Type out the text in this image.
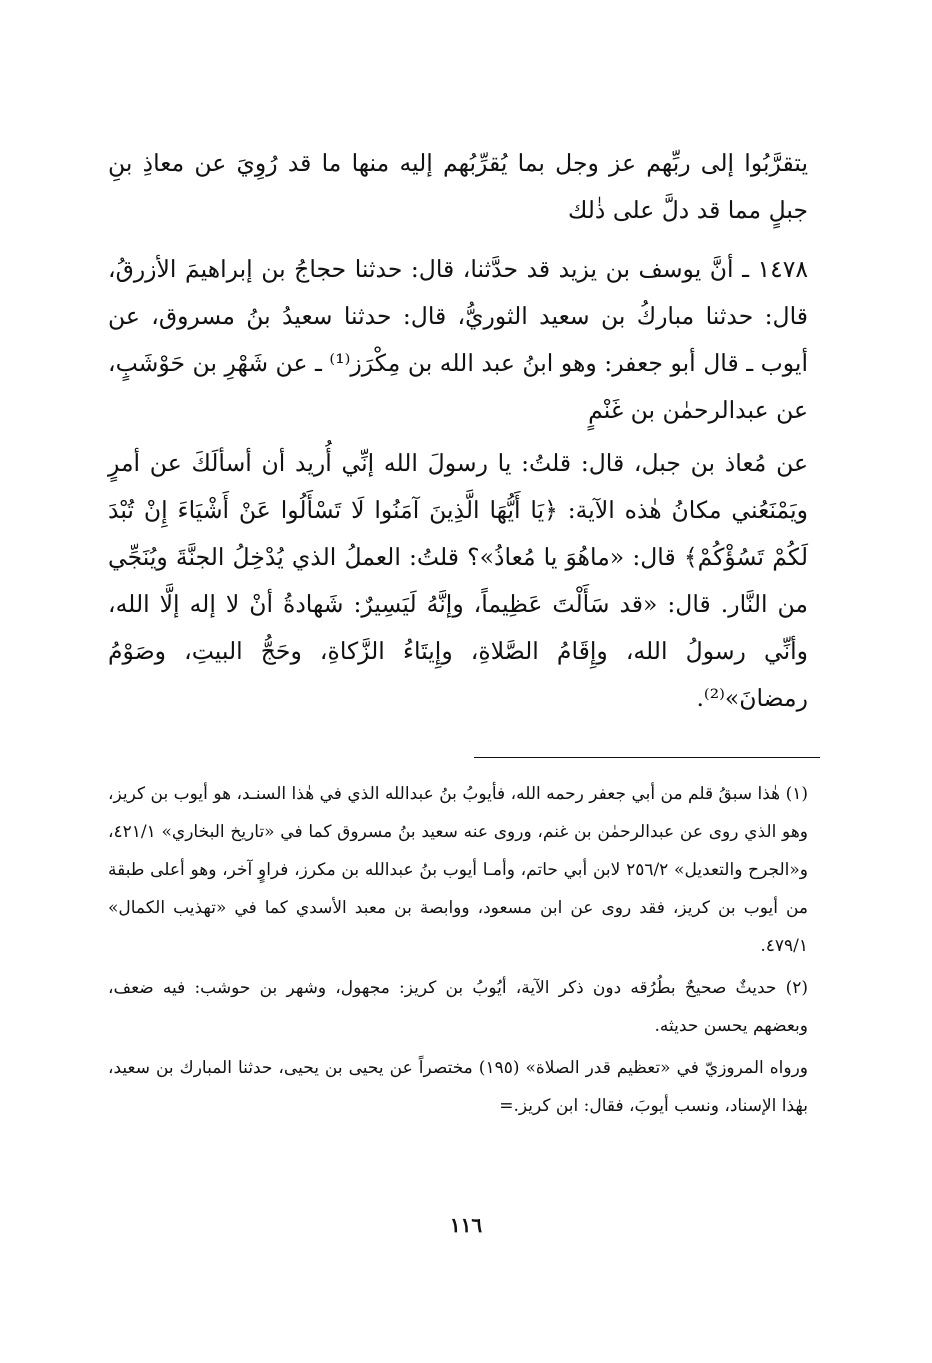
يتقرَّبُوا إلى ربِّهم عز وجل بما يُقرِّبُهم إليه منها ما قد رُوِيَ عن معاذِ بنِ جبلٍ مما قد دلَّ على ذٰلك

١٤٧٨ ـ أنَّ يوسف بن يزيد قد حدَّثنا، قال: حدثنا حجاجُ بن إبراهيمَ الأزرقُ، قال: حدثنا مباركُ بن سعيد الثوريُّ، قال: حدثنا سعيدُ بنُ مسروق، عن أيوب ـ قال أبو جعفر: وهو ابنُ عبد الله بن مِكْرَز⁽¹⁾ ـ عن شَهْرِ بن حَوْشَبٍ، عن عبدالرحمٰن بن غَنْمٍ

عن مُعاذ بن جبل، قال: قلتُ: يا رسولَ الله إنِّي أُريد أن أسألَكَ عن أمرٍ ويَمْنَعُني مكانُ هٰذه الآية: ﴿يَا أَيُّهَا الَّذِينَ آمَنُوا لَا تَسْأَلُوا عَنْ أَشْيَاءَ إِنْ تُبْدَ لَكُمْ تَسُؤْكُمْ﴾ قال: «ماهُوَ يا مُعاذُ»؟ قلتُ: العملُ الذي يُدْخِلُ الجنَّةَ ويُنَجِّي من النَّار. قال: «قد سَأَلْتَ عَظِيماً، وإنَّهُ لَيَسِيرٌ: شَهادةُ أنْ لا إله إلَّا الله، وأنِّي رسولُ الله، وإِقَامُ الصَّلاةِ، وإِيتَاءُ الزَّكاةِ، وحَجُّ البيتِ، وصَوْمُ رمضانَ»⁽²⁾.

(١) هٰذا سبقُ قلم من أبي جعفر رحمه الله، فأيوبُ بنُ عبدالله الذي في هٰذا السنـد، هو أيوب بن كريز، وهو الذي روى عن عبدالرحمٰن بن غنم، وروى عنه سعيد بنُ مسروق كما في «تاريخ البخاري» ٤٢١/١، و«الجرح والتعديل» ٢٥٦/٢ لابن أبي حاتم، وأمـا أيوب بنُ عبدالله بن مكرز، فراوٍ آخر، وهو أعلى طبقة من أيوب بن كريز، فقد روى عن ابن مسعود، ووابصة بن معبد الأسدي كما في «تهذيب الكمال» ٤٧٩/١.

(٢) حديثٌ صحيحٌ بطُرُقه دون ذكر الآية، أيُوبُ بن كريز: مجهول، وشهر بن حوشب: فيه ضعف، وبعضهم يحسن حديثه.

ورواه المروزيّ في «تعظيم قدر الصلاة» (١٩٥) مختصراً عن يحيى بن يحيى، حدثنا المبارك بن سعيد، بهٰذا الإسناد، ونسب أيوبَ، فقال: ابن كريز.=

١١٦
